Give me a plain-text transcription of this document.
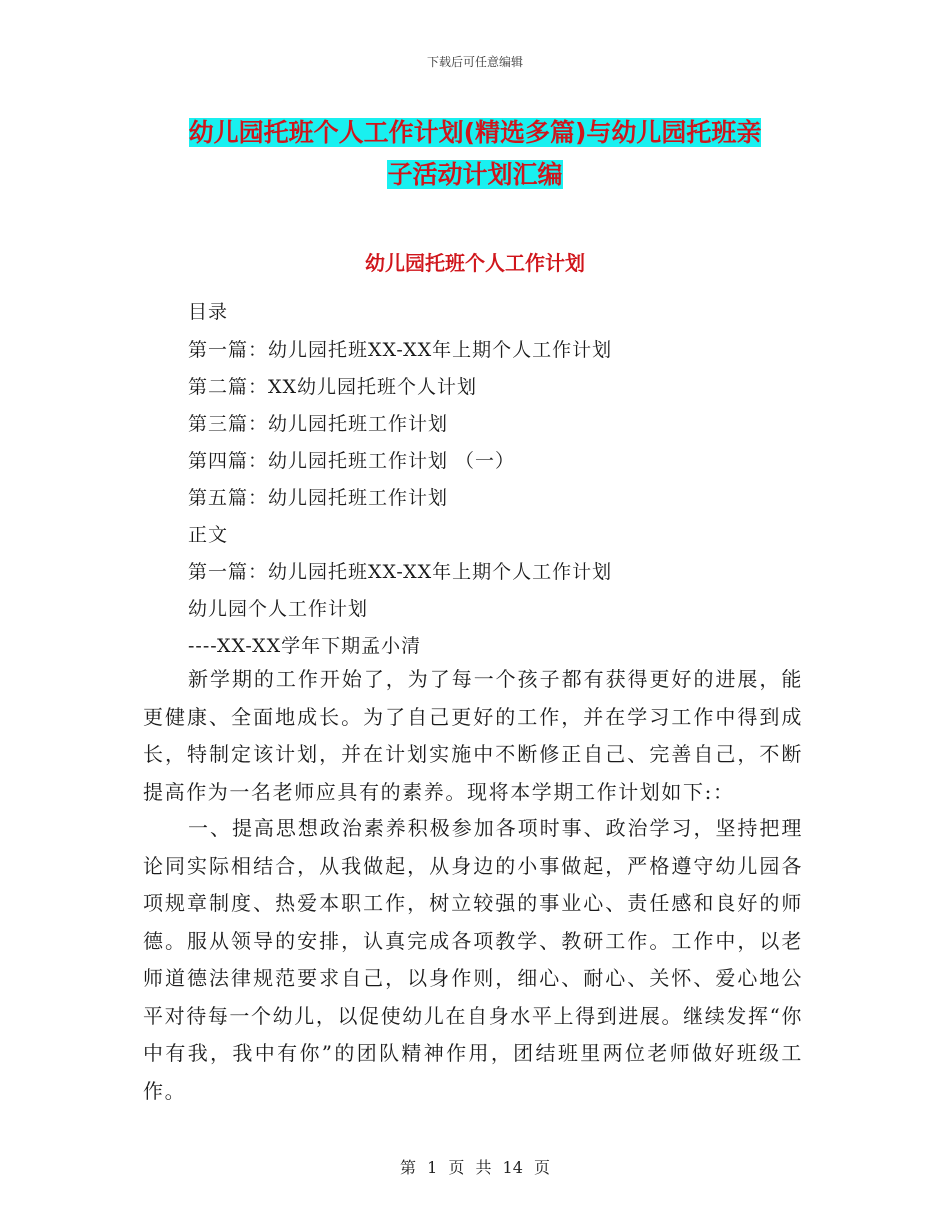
下载后可任意编辑
幼儿园托班个人工作计划(精选多篇)与幼儿园托班亲
子活动计划汇编
幼儿园托班个人工作计划
目录
第一篇：幼儿园托班XX-XX年上期个人工作计划
第二篇：XX幼儿园托班个人计划
第三篇：幼儿园托班工作计划
第四篇：幼儿园托班工作计划 （一）
第五篇：幼儿园托班工作计划
正文
第一篇：幼儿园托班XX-XX年上期个人工作计划
幼儿园个人工作计划
----XX-XX学年下期孟小清

新学期的工作开始了，为了每一个孩子都有获得更好的进展，能更健康、全面地成长。为了自己更好的工作，并在学习工作中得到成长，特制定该计划，并在计划实施中不断修正自己、完善自己，不断提高作为一名老师应具有的素养。现将本学期工作计划如下:：

一、提高思想政治素养积极参加各项时事、政治学习，坚持把理论同实际相结合，从我做起，从身边的小事做起，严格遵守幼儿园各项规章制度、热爱本职工作，树立较强的事业心、责任感和良好的师德。服从领导的安排，认真完成各项教学、教研工作。工作中，以老师道德法律规范要求自己，以身作则，细心、耐心、关怀、爱心地公平对待每一个幼儿，以促使幼儿在自身水平上得到进展。继续发挥“你中有我，我中有你”的团队精神作用，团结班里两位老师做好班级工作。

第 1 页 共 14 页
